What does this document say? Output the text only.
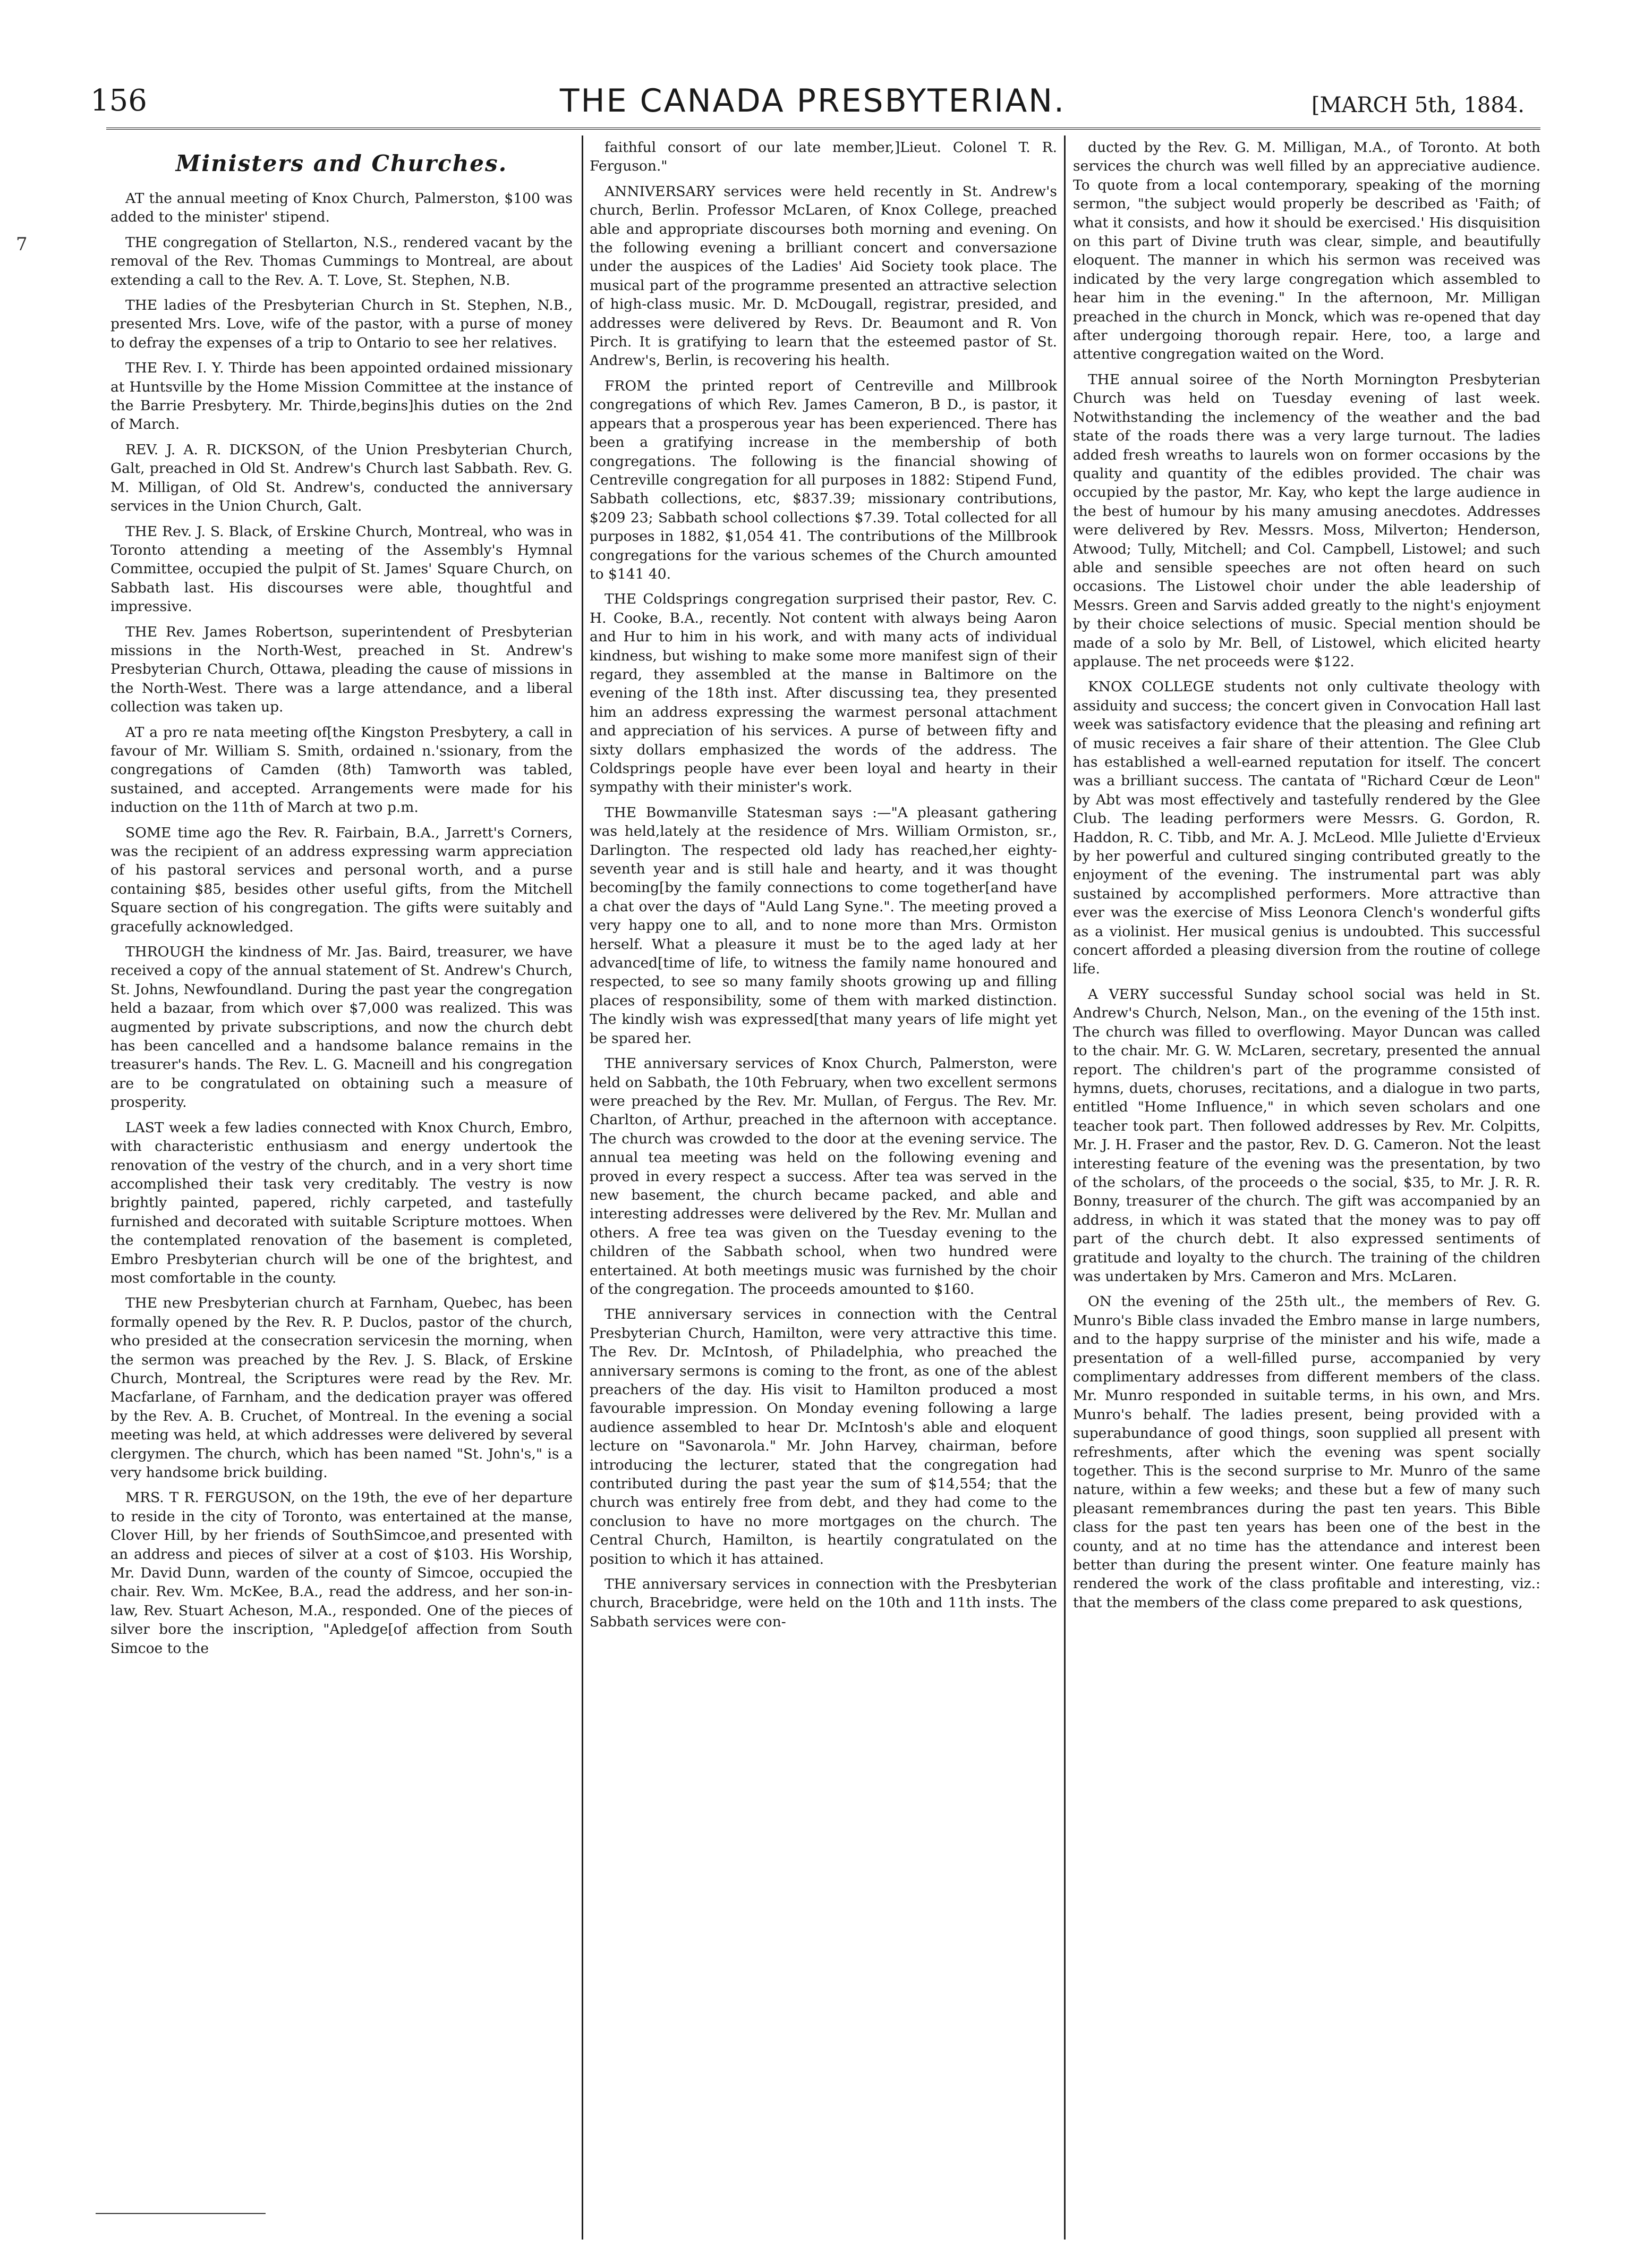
156	THE CANADA PRESBYTERIAN.	[MARCH 5th, 1884.
7
Ministers and Churches.
AT the annual meeting of Knox Church, Palmerston, $100 was added to the minister' stipend.
THE congregation of Stellarton, N.S., rendered vacant by the removal of the Rev. Thomas Cummings to Montreal, are about extending a call to the Rev. A. T. Love, St. Stephen, N.B.
THE ladies of the Presbyterian Church in St. Stephen, N.B., presented Mrs. Love, wife of the pastor, with a purse of money to defray the expenses of a trip to Ontario to see her relatives.
THE Rev. I. Y. Thirde has been appointed ordained missionary at Huntsville by the Home Mission Committee at the instance of the Barrie Presbytery. Mr. Thirde,begins]his duties on the 2nd of March.
REV. J. A. R. DICKSON, of the Union Presbyterian Church, Galt, preached in Old St. Andrew's Church last Sabbath. Rev. G. M. Milligan, of Old St. Andrew's, conducted the anniversary services in the Union Church, Galt.
THE Rev. J. S. Black, of Erskine Church, Montreal, who was in Toronto attending a meeting of the Assembly's Hymnal Committee, occupied the pulpit of St. James' Square Church, on Sabbath last. His discourses were able, thoughtful and impressive.
THE Rev. James Robertson, superintendent of Presbyterian missions in the North-West, preached in St. Andrew's Presbyterian Church, Ottawa, pleading the cause of missions in the North-West. There was a large attendance, and a liberal collection was taken up.
AT a pro re nata meeting of[the Kingston Presbytery, a call in favour of Mr. William S. Smith, ordained n.'ssionary, from the congregations of Camden (8th) Tamworth was tabled, sustained, and accepted. Arrangements were made for his induction on the 11th of March at two p.m.
SOME time ago the Rev. R. Fairbain, B.A., Jarrett's Corners, was the recipient of an address expressing warm appreciation of his pastoral services and personal worth, and a purse containing $85, besides other useful gifts, from the Mitchell Square section of his congregation. The gifts were suitably and gracefully acknowledged.
THROUGH the kindness of Mr. Jas. Baird, treasurer, we have received a copy of the annual statement of St. Andrew's Church, St. Johns, Newfoundland. During the past year the congregation held a bazaar, from which over $7,000 was realized. This was augmented by private subscriptions, and now the church debt has been cancelled and a handsome balance remains in the treasurer's hands. The Rev. L. G. Macneill and his congregation are to be congratulated on obtaining such a measure of prosperity.
LAST week a few ladies connected with Knox Church, Embro, with characteristic enthusiasm and energy undertook the renovation of the vestry of the church, and in a very short time accomplished their task very creditably. The vestry is now brightly painted, papered, richly carpeted, and tastefully furnished and decorated with suitable Scripture mottoes. When the contemplated renovation of the basement is completed, Embro Presbyterian church will be one of the brightest, and most comfortable in the county.
THE new Presbyterian church at Farnham, Quebec, has been formally opened by the Rev. R. P. Duclos, pastor of the church, who presided at the consecration servicesin the morning, when the sermon was preached by the Rev. J. S. Black, of Erskine Church, Montreal, the Scriptures were read by the Rev. Mr. Macfarlane, of Farnham, and the dedication prayer was offered by the Rev. A. B. Cruchet, of Montreal. In the evening a social meeting was held, at which addresses were delivered by several clergymen. The church, which has been named "St. John's," is a very handsome brick building.
MRS. T R. FERGUSON, on the 19th, the eve of her departure to reside in the city of Toronto, was entertained at the manse, Clover Hill, by her friends of SouthSimcoe,and presented with an address and pieces of silver at a cost of $103. His Worship, Mr. David Dunn, warden of the county of Simcoe, occupied the chair. Rev. Wm. McKee, B.A., read the address, and her son-in-law, Rev. Stuart Acheson, M.A., responded. One of the pieces of silver bore the inscription, "Apledge[of affection from South Simcoe to the
faithful consort of our late member,]Lieut. Colonel T. R. Ferguson."
ANNIVERSARY services were held recently in St. Andrew's church, Berlin. Professor McLaren, of Knox College, preached able and appropriate discourses both morning and evening. On the following evening a brilliant concert and conversazione under the auspices of the Ladies' Aid Society took place. The musical part of the programme presented an attractive selection of high-class music. Mr. D. McDougall, registrar, presided, and addresses were delivered by Revs. Dr. Beaumont and R. Von Pirch. It is gratifying to learn that the esteemed pastor of St. Andrew's, Berlin, is recovering his health.
FROM the printed report of Centreville and Millbrook congregations of which Rev. James Cameron, B D., is pastor, it appears that a prosperous year has been experienced. There has been a gratifying increase in the membership of both congregations. The following is the financial showing of Centreville congregation for all purposes in 1882: Stipend Fund, Sabbath collections, etc, $837.39; missionary contributions, $209 23; Sabbath school collections $7.39. Total collected for all purposes in 1882, $1,054 41. The contributions of the Millbrook congregations for the various schemes of the Church amounted to $141 40.
THE Coldsprings congregation surprised their pastor, Rev. C. H. Cooke, B.A., recently. Not content with always being Aaron and Hur to him in his work, and with many acts of individual kindness, but wishing to make some more manifest sign of their regard, they assembled at the manse in Baltimore on the evening of the 18th inst. After discussing tea, they presented him an address expressing the warmest personal attachment and appreciation of his services. A purse of between fifty and sixty dollars emphasized the words of the address. The Coldsprings people have ever been loyal and hearty in their sympathy with their minister's work.
THE Bowmanville Statesman says :—"A pleasant gathering was held,lately at the residence of Mrs. William Ormiston, sr., Darlington. The respected old lady has reached,her eighty-seventh year and is still hale and hearty, and it was thought becoming[by the family connections to come together[and have a chat over the days of "Auld Lang Syne.". The meeting proved a very happy one to all, and to none more than Mrs. Ormiston herself. What a pleasure it must be to the aged lady at her advanced[time of life, to witness the family name honoured and respected, to see so many family shoots growing up and filling places of responsibility, some of them with marked distinction. The kindly wish was expressed[that many years of life might yet be spared her.
THE anniversary services of Knox Church, Palmerston, were held on Sabbath, the 10th February, when two excellent sermons were preached by the Rev. Mr. Mullan, of Fergus. The Rev. Mr. Charlton, of Arthur, preached in the afternoon with acceptance. The church was crowded to the door at the evening service. The annual tea meeting was held on the following evening and proved in every respect a success. After tea was served in the new basement, the church became packed, and able and interesting addresses were delivered by the Rev. Mr. Mullan and others. A free tea was given on the Tuesday evening to the children of the Sabbath school, when two hundred were entertained. At both meetings music was furnished by the choir of the congregation. The proceeds amounted to $160.
THE anniversary services in connection with the Central Presbyterian Church, Hamilton, were very attractive this time. The Rev. Dr. McIntosh, of Philadelphia, who preached the anniversary sermons is coming to the front, as one of the ablest preachers of the day. His visit to Hamilton produced a most favourable impression. On Monday evening following a large audience assembled to hear Dr. McIntosh's able and eloquent lecture on "Savonarola." Mr. John Harvey, chairman, before introducing the lecturer, stated that the congregation had contributed during the past year the sum of $14,554; that the church was entirely free from debt, and they had come to the conclusion to have no more mortgages on the church. The Central Church, Hamilton, is heartily congratulated on the position to which it has attained.
THE anniversary services in connection with the Presbyterian church, Bracebridge, were held on the 10th and 11th insts. The Sabbath services were con-
ducted by the Rev. G. M. Milligan, M.A., of Toronto. At both services the church was well filled by an appreciative audience. To quote from a local contemporary, speaking of the morning sermon, "the subject would properly be described as 'Faith; of what it consists, and how it should be exercised.' His disquisition on this part of Divine truth was clear, simple, and beautifully eloquent. The manner in which his sermon was received was indicated by the very large congregation which assembled to hear him in the evening." In the afternoon, Mr. Milligan preached in the church in Monck, which was re-opened that day after undergoing thorough repair. Here, too, a large and attentive congregation waited on the Word.
THE annual soiree of the North Mornington Presbyterian Church was held on Tuesday evening of last week. Notwithstanding the inclemency of the weather and the bad state of the roads there was a very large turnout. The ladies added fresh wreaths to laurels won on former occasions by the quality and quantity of the edibles provided. The chair was occupied by the pastor, Mr. Kay, who kept the large audience in the best of humour by his many amusing anecdotes. Addresses were delivered by Rev. Messrs. Moss, Milverton; Henderson, Atwood; Tully, Mitchell; and Col. Campbell, Listowel; and such able and sensible speeches are not often heard on such occasions. The Listowel choir under the able leadership of Messrs. Green and Sarvis added greatly to the night's enjoyment by their choice selections of music. Special mention should be made of a solo by Mr. Bell, of Listowel, which elicited hearty applause. The net proceeds were $122.
KNOX COLLEGE students not only cultivate theology with assiduity and success; the concert given in Convocation Hall last week was satisfactory evidence that the pleasing and refining art of music receives a fair share of their attention. The Glee Club has established a well-earned reputation for itself. The concert was a brilliant success. The cantata of "Richard Cœur de Leon" by Abt was most effectively and tastefully rendered by the Glee Club. The leading performers were Messrs. G. Gordon, R. Haddon, R. C. Tibb, and Mr. A. J. McLeod. Mlle Juliette d'Ervieux by her powerful and cultured singing contributed greatly to the enjoyment of the evening. The instrumental part was ably sustained by accomplished performers. More attractive than ever was the exercise of Miss Leonora Clench's wonderful gifts as a violinist. Her musical genius is undoubted. This successful concert afforded a pleasing diversion from the routine of college life.
A VERY successful Sunday school social was held in St. Andrew's Church, Nelson, Man., on the evening of the 15th inst. The church was filled to overflowing. Mayor Duncan was called to the chair. Mr. G. W. McLaren, secretary, presented the annual report. The children's part of the programme consisted of hymns, duets, choruses, recitations, and a dialogue in two parts, entitled "Home Influence," in which seven scholars and one teacher took part. Then followed addresses by Rev. Mr. Colpitts, Mr. J. H. Fraser and the pastor, Rev. D. G. Cameron. Not the least interesting feature of the evening was the presentation, by two of the scholars, of the proceeds o the social, $35, to Mr. J. R. R. Bonny, treasurer of the church. The gift was accompanied by an address, in which it was stated that the money was to pay off part of the church debt. It also expressed sentiments of gratitude and loyalty to the church. The training of the children was undertaken by Mrs. Cameron and Mrs. McLaren.
ON the evening of the 25th ult., the members of Rev. G. Munro's Bible class invaded the Embro manse in large numbers, and to the happy surprise of the minister and his wife, made a presentation of a well-filled purse, accompanied by very complimentary addresses from different members of the class. Mr. Munro responded in suitable terms, in his own, and Mrs. Munro's behalf. The ladies present, being provided with a superabundance of good things, soon supplied all present with refreshments, after which the evening was spent socially together. This is the second surprise to Mr. Munro of the same nature, within a few weeks; and these but a few of many such pleasant remembrances during the past ten years. This Bible class for the past ten years has been one of the best in the county, and at no time has the attendance and interest been better than during the present winter. One feature mainly has rendered the work of the class profitable and interesting, viz.: that the members of the class come prepared to ask questions,
